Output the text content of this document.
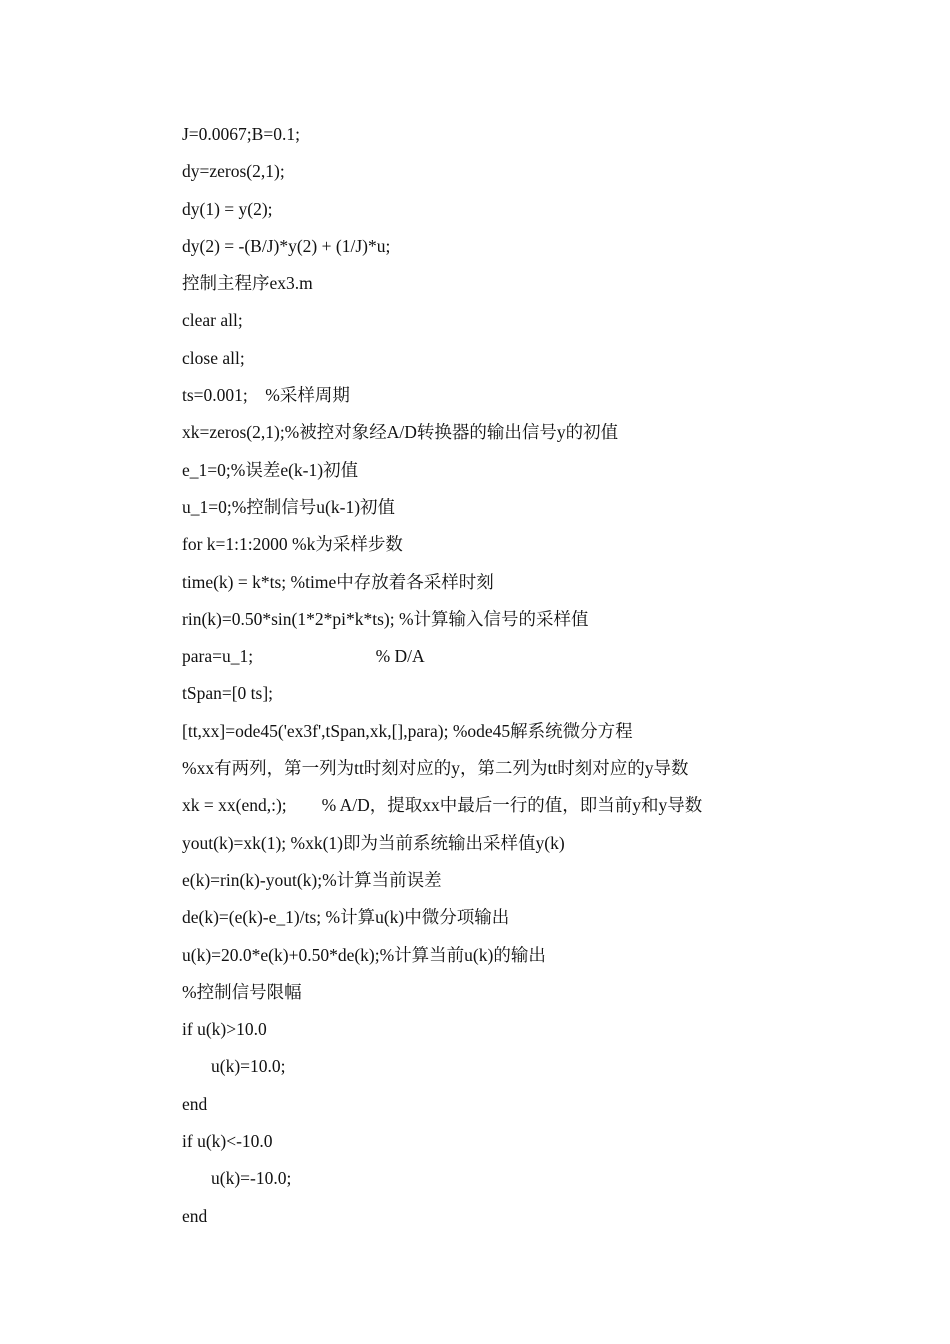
J=0.0067;B=0.1;
dy=zeros(2,1);
dy(1) = y(2);
dy(2) = -(B/J)*y(2) + (1/J)*u;
控制主程序ex3.m
clear all;
close all;
ts=0.001;    %采样周期
xk=zeros(2,1);%被控对象经A/D转换器的输出信号y的初值
e_1=0;%误差e(k-1)初值
u_1=0;%控制信号u(k-1)初值
for k=1:1:2000 %k为采样步数
time(k) = k*ts; %time中存放着各采样时刻
rin(k)=0.50*sin(1*2*pi*k*ts); %计算输入信号的采样值
para=u_1;                            % D/A
tSpan=[0 ts];
[tt,xx]=ode45('ex3f',tSpan,xk,[],para); %ode45解系统微分方程
%xx有两列，第一列为tt时刻对应的y，第二列为tt时刻对应的y导数
xk = xx(end,:);        % A/D，提取xx中最后一行的值，即当前y和y导数
yout(k)=xk(1); %xk(1)即为当前系统输出采样值y(k)
e(k)=rin(k)-yout(k);%计算当前误差
de(k)=(e(k)-e_1)/ts; %计算u(k)中微分项输出
u(k)=20.0*e(k)+0.50*de(k);%计算当前u(k)的输出
%控制信号限幅
if u(k)>10.0
u(k)=10.0;
end
if u(k)<-10.0
u(k)=-10.0;
end
